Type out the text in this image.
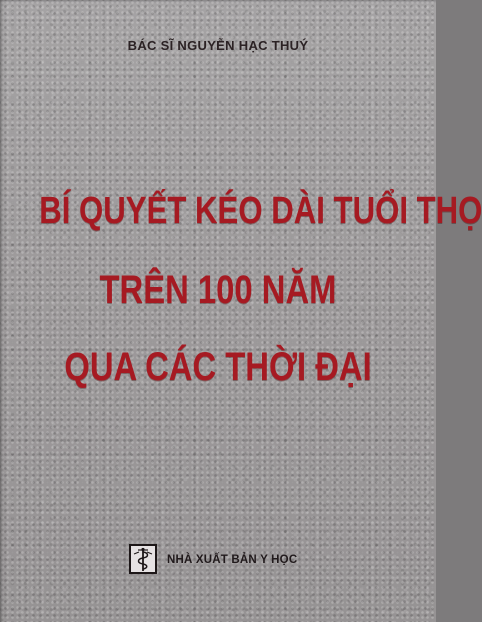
BÁC SĨ NGUYỄN HẠC THUÝ
BÍ QUYẾT KÉO DÀI TUỔI THỌ
TRÊN 100 NĂM
QUA CÁC THỜI ĐẠI
NHÀ XUẤT BẢN Y HỌC
